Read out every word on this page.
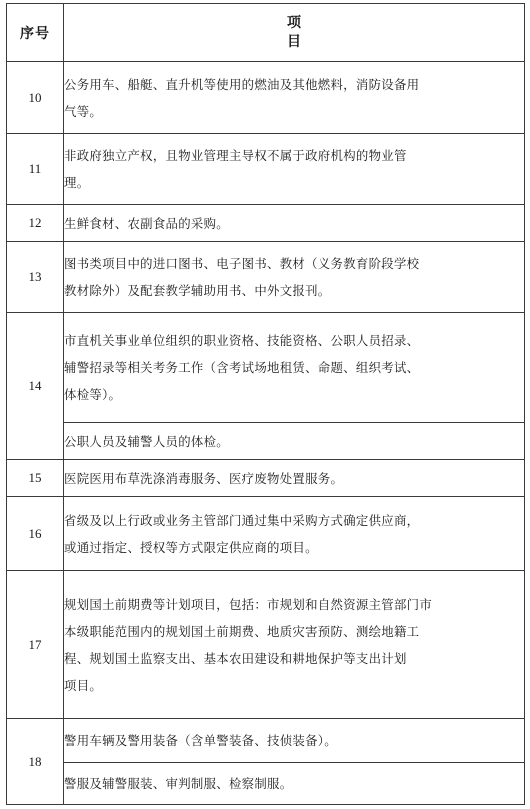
序号	项
目

10	公务用车、船艇、直升机等使用的燃油及其他燃料，消防设备用
气等。

11	非政府独立产权，且物业管理主导权不属于政府机构的物业管
理。

12	生鲜食材、农副食品的采购。

13	图书类项目中的进口图书、电子图书、教材（义务教育阶段学校
教材除外）及配套教学辅助用书、中外文报刊。

14	市直机关事业单位组织的职业资格、技能资格、公职人员招录、
辅警招录等相关考务工作（含考试场地租赁、命题、组织考试、
体检等）。

	公职人员及辅警人员的体检。

15	医院医用布草洗涤消毒服务、医疗废物处置服务。

16	省级及以上行政或业务主管部门通过集中采购方式确定供应商，
或通过指定、授权等方式限定供应商的项目。

17	规划国土前期费等计划项目，包括：市规划和自然资源主管部门市
本级职能范围内的规划国土前期费、地质灾害预防、测绘地籍工
程、规划国土监察支出、基本农田建设和耕地保护等支出计划
项目。

18	警用车辆及警用装备（含单警装备、技侦装备）。

	警服及辅警服装、审判制服、检察制服。
